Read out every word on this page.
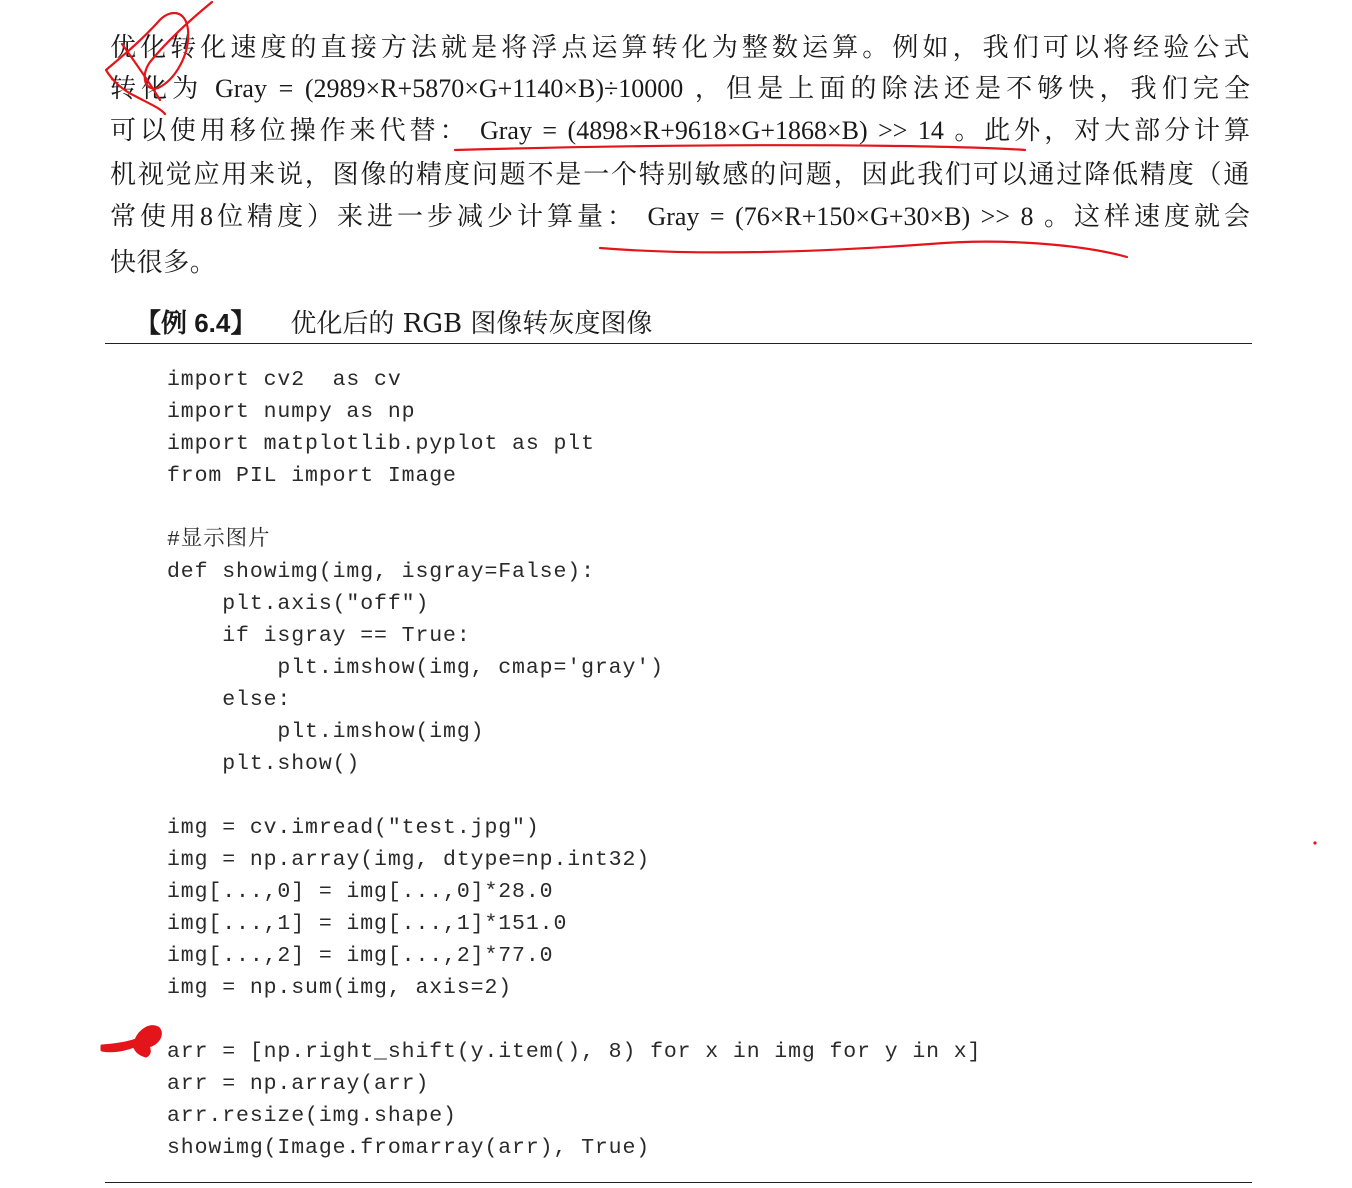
优化转化速度的直接方法就是将浮点运算转化为整数运算。例如，我们可以将经验公式
转化为 Gray = (2989×R+5870×G+1140×B)÷10000 ，但是上面的除法还是不够快，我们完全
可以使用移位操作来代替： Gray = (4898×R+9618×G+1868×B) >> 14 。此外，对大部分计算
机视觉应用来说，图像的精度问题不是一个特别敏感的问题，因此我们可以通过降低精度（通
常使用8位精度）来进一步减少计算量： Gray = (76×R+150×G+30×B) >> 8 。这样速度就会
快很多。
【例 6.4】 优化后的 RGB 图像转灰度图像
import cv2  as cv
import numpy as np
import matplotlib.pyplot as plt
from PIL import Image
#显示图片
def showimg(img, isgray=False):
plt.axis("off")
if isgray == True:
plt.imshow(img, cmap='gray')
else:
plt.imshow(img)
plt.show()
img = cv.imread("test.jpg")
img = np.array(img, dtype=np.int32)
img[...,0] = img[...,0]*28.0
img[...,1] = img[...,1]*151.0
img[...,2] = img[...,2]*77.0
img = np.sum(img, axis=2)
arr = [np.right_shift(y.item(), 8) for x in img for y in x]
arr = np.array(arr)
arr.resize(img.shape)
showimg(Image.fromarray(arr), True)
